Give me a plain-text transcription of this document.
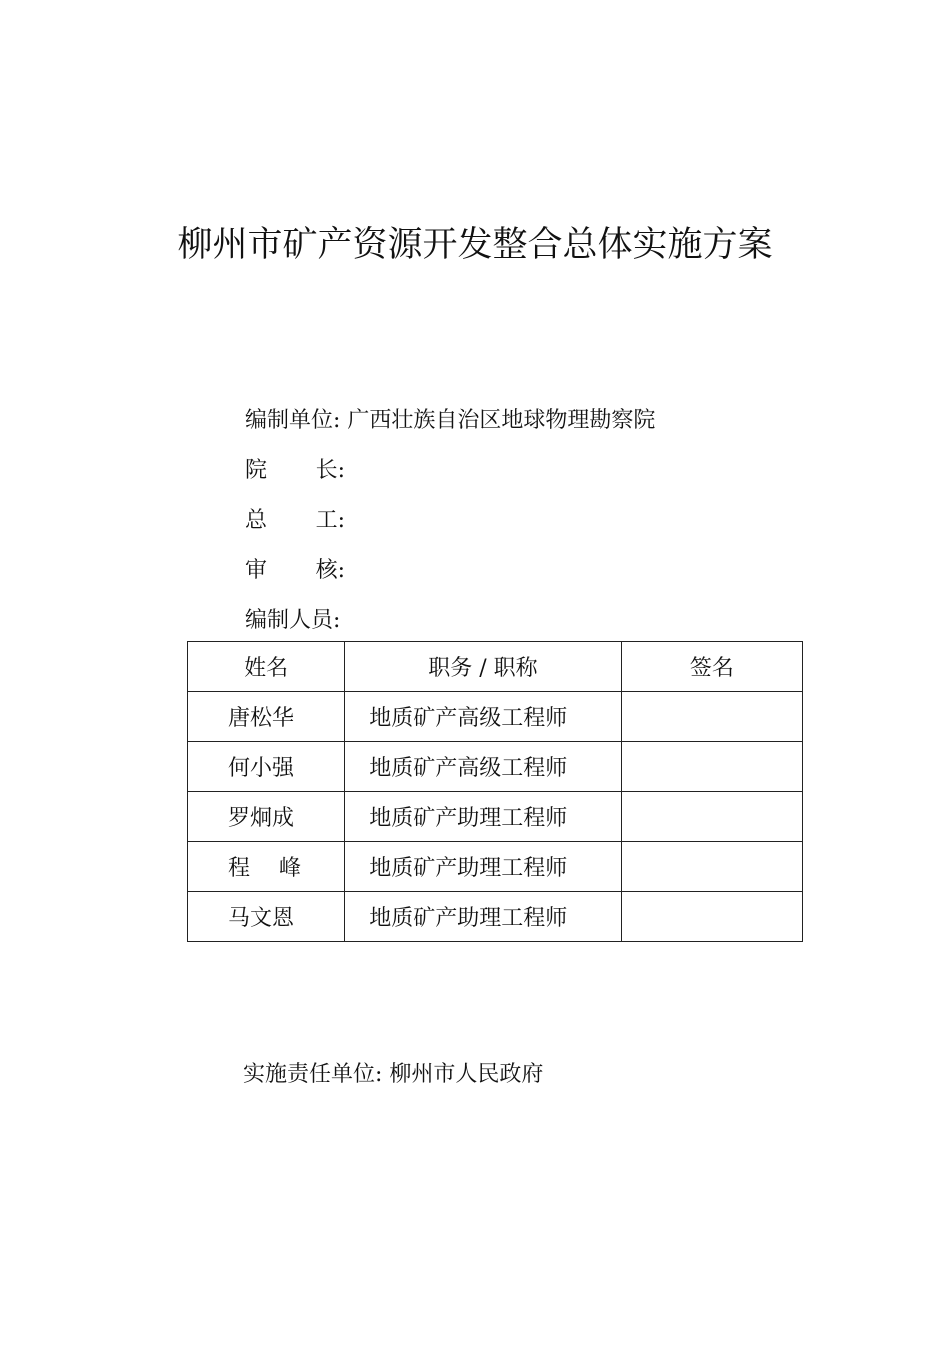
柳州市矿产资源开发整合总体实施方案
编制单位: 广西壮族自治区地球物理勘察院
院 长:
总 工:
审 核:
编制人员:
姓名	职务 / 职称	签名
唐松华	地质矿产高级工程师	
何小强	地质矿产高级工程师	
罗炯成	地质矿产助理工程师	
程　 峰	地质矿产助理工程师	
马文恩	地质矿产助理工程师	
实施责任单位: 柳州市人民政府
